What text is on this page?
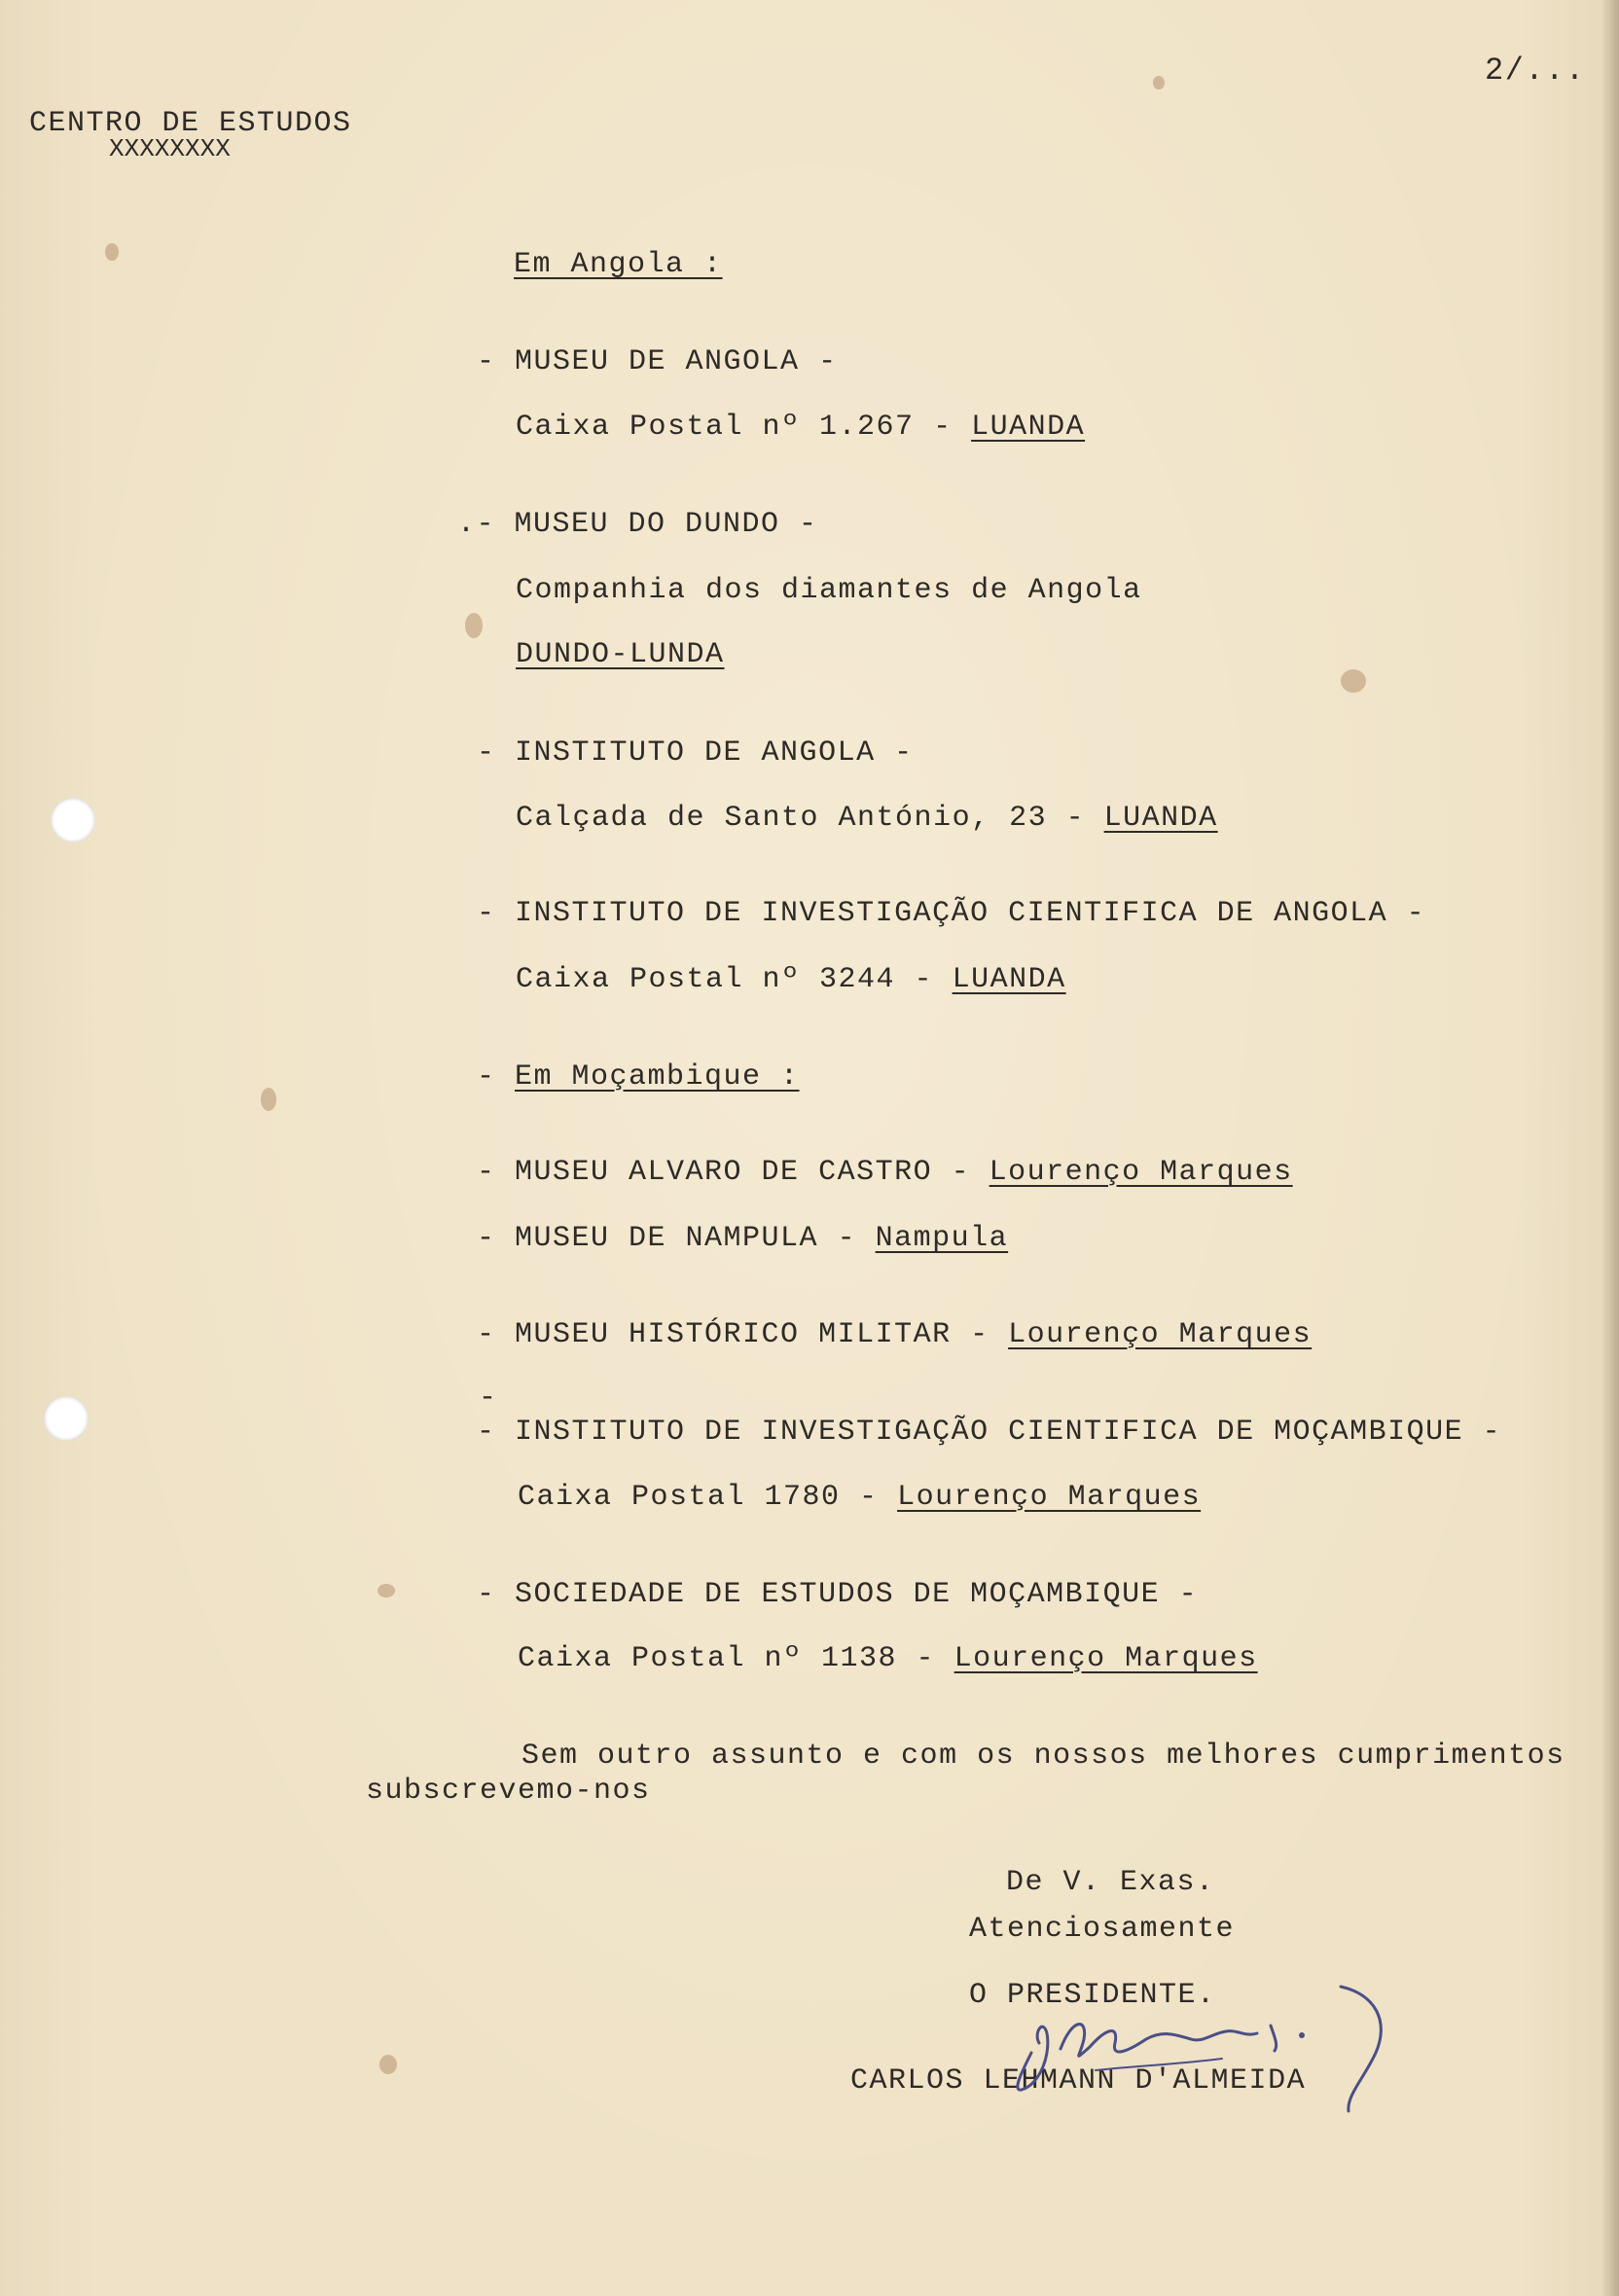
2/...
CENTRO DE ESTUDOS
XXXXXXXX
Em Angola :
- MUSEU DE ANGOLA -
Caixa Postal nº 1.267 - LUANDA
.- MUSEU DO DUNDO -
Companhia dos diamantes de Angola
DUNDO-LUNDA
- INSTITUTO DE ANGOLA -
Calçada de Santo António, 23 - LUANDA
- INSTITUTO DE INVESTIGAÇÃO CIENTIFICA DE ANGOLA -
Caixa Postal nº 3244 - LUANDA
- Em Moçambique :
- MUSEU ALVARO DE CASTRO - Lourenço Marques
- MUSEU DE NAMPULA - Nampula
- MUSEU HISTÓRICO MILITAR - Lourenço Marques
-
- INSTITUTO DE INVESTIGAÇÃO CIENTIFICA DE MOÇAMBIQUE -
Caixa Postal 1780 - Lourenço Marques
- SOCIEDADE DE ESTUDOS DE MOÇAMBIQUE -
Caixa Postal nº 1138 - Lourenço Marques
Sem outro assunto e com os nossos melhores cumprimentos
subscrevemo-nos
De V. Exas.
Atenciosamente
O PRESIDENTE.
CARLOS LEHMANN D'ALMEIDA
